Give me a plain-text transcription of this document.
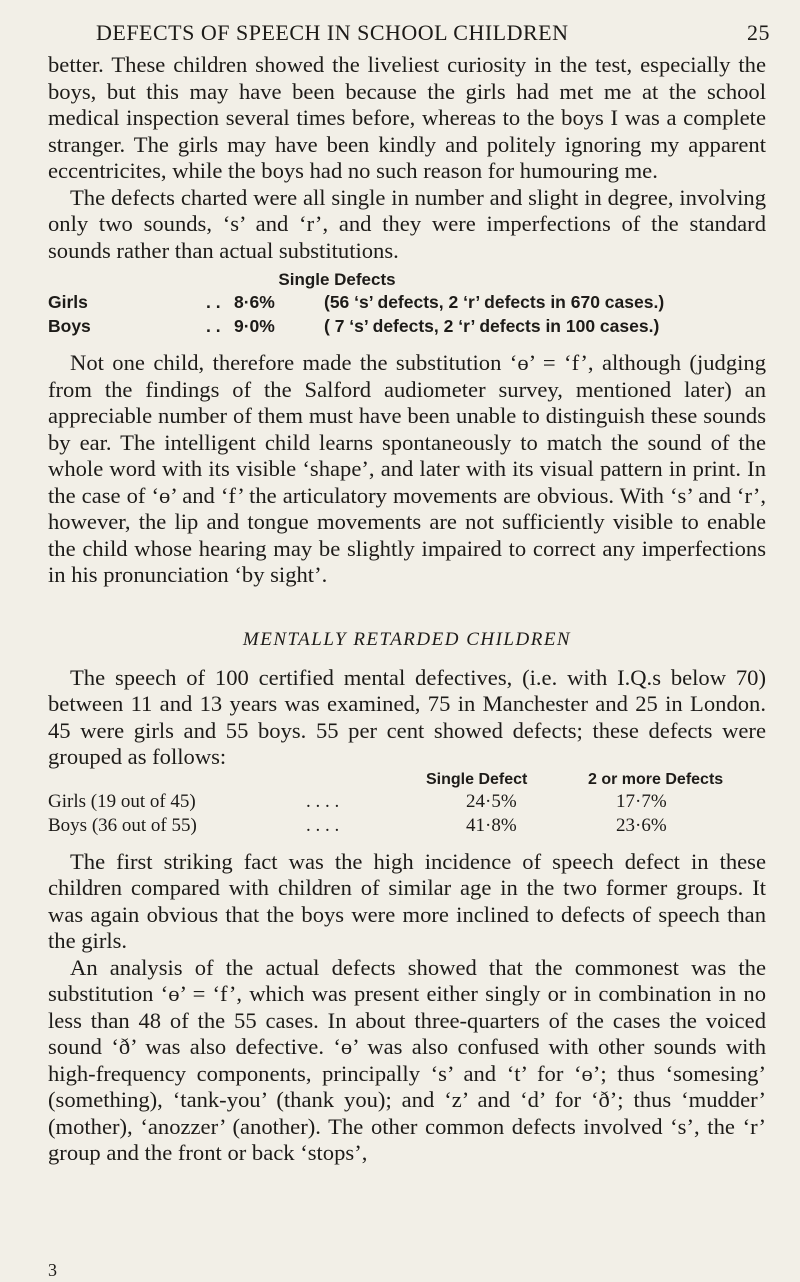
DEFECTS OF SPEECH IN SCHOOL CHILDREN	25

better. These children showed the liveliest curiosity in the test, especially the boys, but this may have been because the girls had met me at the school medical inspection several times before, whereas to the boys I was a complete stranger. The girls may have been kindly and politely ignoring my apparent eccentricites, while the boys had no such reason for humouring me.

The defects charted were all single in number and slight in degree, involving only two sounds, ‘s’ and ‘r’, and they were imperfections of the standard sounds rather than actual substitutions.

Single Defects
Girls	. . 8·6%	(56 ‘s’ defects, 2 ‘r’ defects in 670 cases.)
Boys	. . 9·0%	( 7 ‘s’ defects, 2 ‘r’ defects in 100 cases.)

Not one child, therefore made the substitution ‘ɵ’ = ‘f’, although (judging from the findings of the Salford audiometer survey, mentioned later) an appreciable number of them must have been unable to distinguish these sounds by ear. The intelligent child learns spontaneously to match the sound of the whole word with its visible ‘shape’, and later with its visual pattern in print. In the case of ‘ɵ’ and ‘f’ the articulatory movements are obvious. With ‘s’ and ‘r’, however, the lip and tongue movements are not sufficiently visible to enable the child whose hearing may be slightly impaired to correct any imperfections in his pronunciation ‘by sight’.

MENTALLY RETARDED CHILDREN

The speech of 100 certified mental defectives, (i.e. with I.Q.s below 70) between 11 and 13 years was examined, 75 in Manchester and 25 in London. 45 were girls and 55 boys. 55 per cent showed defects; these defects were grouped as follows:

Single Defect	2 or more Defects
Girls (19 out of 45)	. . . .	24·5%	17·7%
Boys (36 out of 55)	. . . .	41·8%	23·6%

The first striking fact was the high incidence of speech defect in these children compared with children of similar age in the two former groups. It was again obvious that the boys were more inclined to defects of speech than the girls.

An analysis of the actual defects showed that the commonest was the substitution ‘ɵ’ = ‘f’, which was present either singly or in combination in no less than 48 of the 55 cases. In about three-quarters of the cases the voiced sound ‘ð’ was also defective. ‘ɵ’ was also confused with other sounds with high-frequency components, principally ‘s’ and ‘t’ for ‘ɵ’; thus ‘somesing’ (something), ‘tank-you’ (thank you); and ‘z’ and ‘d’ for ‘ð’; thus ‘mudder’ (mother), ‘anozzer’ (another). The other common defects involved ‘s’, the ‘r’ group and the front or back ‘stops’,

3
